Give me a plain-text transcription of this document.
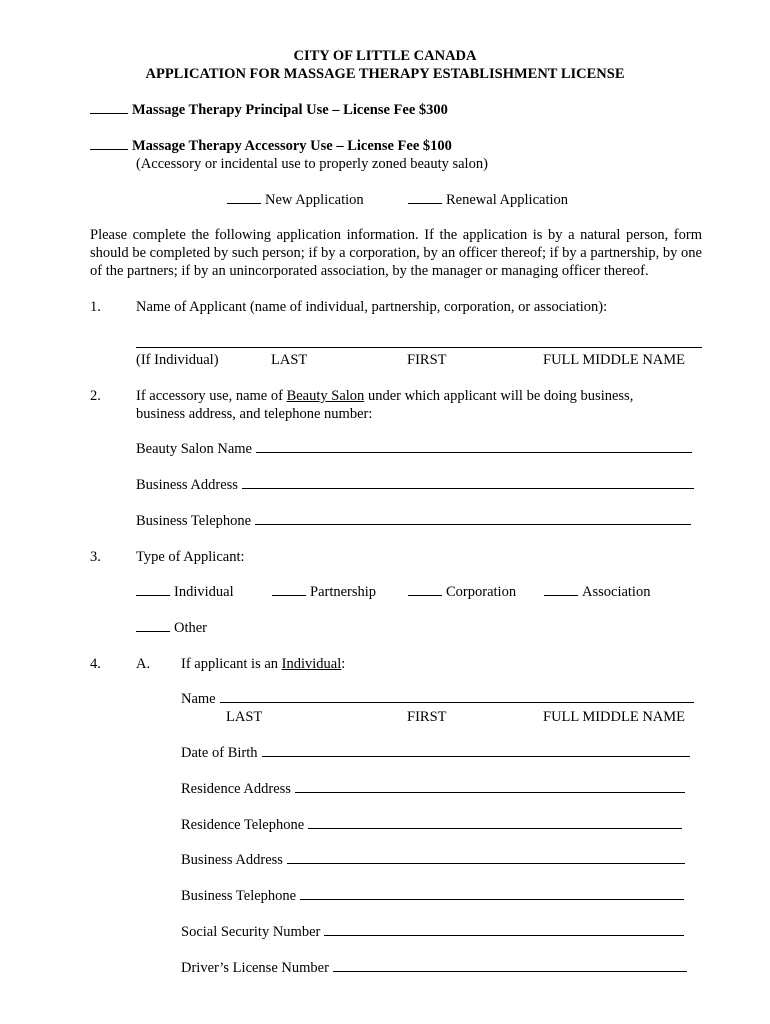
CITY OF LITTLE CANADA
APPLICATION FOR MASSAGE THERAPY ESTABLISHMENT LICENSE
Massage Therapy Principal Use – License Fee $300
Massage Therapy Accessory Use – License Fee $100
(Accessory or incidental use to properly zoned beauty salon)
New Application	Renewal Application
Please complete the following application information. If the application is by a natural person, form should be completed by such person; if by a corporation, by an officer thereof; if by a partnership, by one of the partners; if by an unincorporated association, by the manager or managing officer thereof.
1. Name of Applicant (name of individual, partnership, corporation, or association):
(If Individual)	LAST	FIRST	FULL MIDDLE NAME
2. If accessory use, name of Beauty Salon under which applicant will be doing business,
business address, and telephone number:
Beauty Salon Name
Business Address
Business Telephone
3. Type of Applicant:
Individual	Partnership	Corporation	Association
Other
4. A. If applicant is an Individual:
Name
LAST	FIRST	FULL MIDDLE NAME
Date of Birth
Residence Address
Residence Telephone
Business Address
Business Telephone
Social Security Number
Driver’s License Number
